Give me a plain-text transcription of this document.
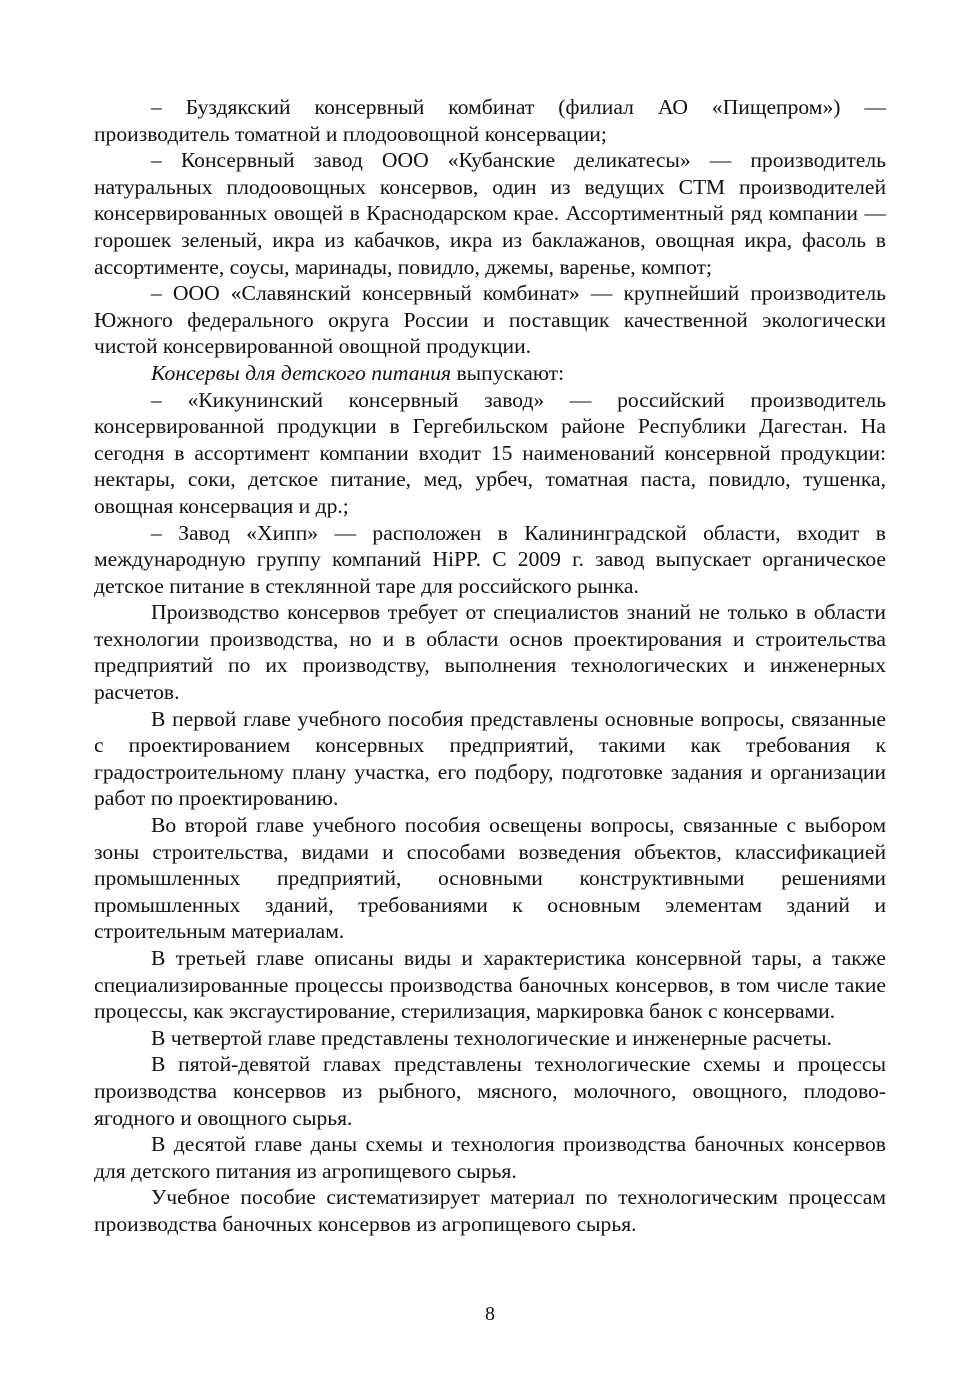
– Буздякский консервный комбинат (филиал АО «Пищепром») — производитель томатной и плодоовощной консервации;

– Консервный завод ООО «Кубанские деликатесы» — производитель натуральных плодоовощных консервов, один из ведущих СТМ производителей консервированных овощей в Краснодарском крае. Ассортиментный ряд компании — горошек зеленый, икра из кабачков, икра из баклажанов, овощная икра, фасоль в ассортименте, соусы, маринады, повидло, джемы, варенье, компот;

– ООО «Славянский консервный комбинат» — крупнейший производитель Южного федерального округа России и поставщик качественной экологически чистой консервированной овощной продукции.

Консервы для детского питания выпускают:

– «Кикунинский консервный завод» — российский производитель консервированной продукции в Гергебильском районе Республики Дагестан. На сегодня в ассортимент компании входит 15 наименований консервной продукции: нектары, соки, детское питание, мед, урбеч, томатная паста, повидло, тушенка, овощная консервация и др.;

– Завод «Хипп» — расположен в Калининградской области, входит в международную группу компаний HiPP. С 2009 г. завод выпускает органическое детское питание в стеклянной таре для российского рынка.

Производство консервов требует от специалистов знаний не только в области технологии производства, но и в области основ проектирования и строительства предприятий по их производству, выполнения технологических и инженерных расчетов.

В первой главе учебного пособия представлены основные вопросы, связанные с проектированием консервных предприятий, такими как требования к градостроительному плану участка, его подбору, подготовке задания и организации работ по проектированию.

Во второй главе учебного пособия освещены вопросы, связанные с выбором зоны строительства, видами и способами возведения объектов, классификацией промышленных предприятий, основными конструктивными решениями промышленных зданий, требованиями к основным элементам зданий и строительным материалам.

В третьей главе описаны виды и характеристика консервной тары, а также специализированные процессы производства баночных консервов, в том числе такие процессы, как эксгаустирование, стерилизация, маркировка банок с консервами.

В четвертой главе представлены технологические и инженерные расчеты.

В пятой-девятой главах представлены технологические схемы и процессы производства консервов из рыбного, мясного, молочного, овощного, плодово-ягодного и овощного сырья.

В десятой главе даны схемы и технология производства баночных консервов для детского питания из агропищевого сырья.

Учебное пособие систематизирует материал по технологическим процессам производства баночных консервов из агропищевого сырья.

8
